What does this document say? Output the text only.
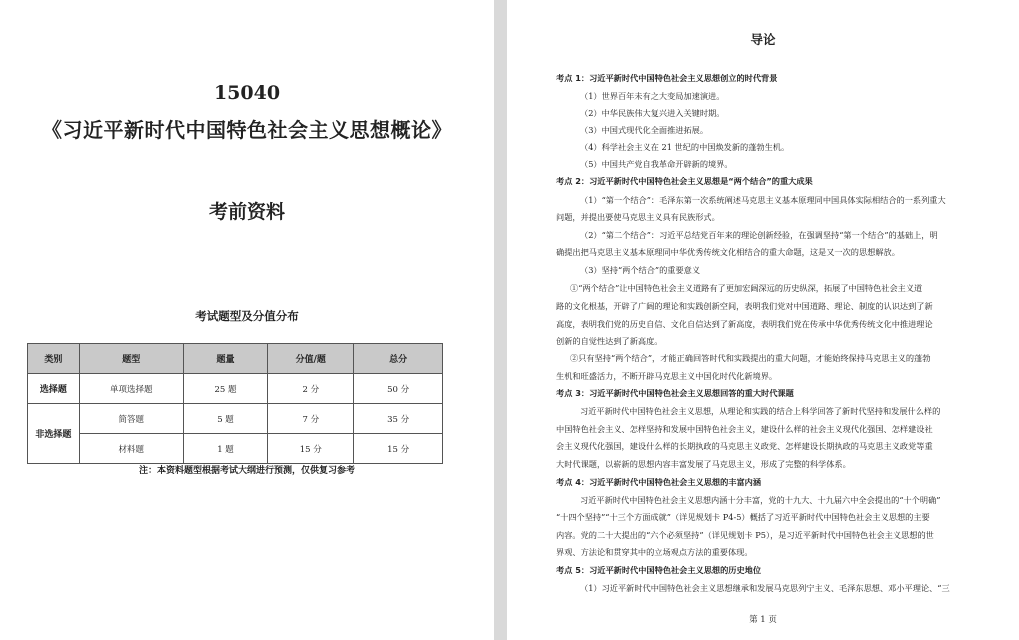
15040
《习近平新时代中国特色社会主义思想概论》
考前资料
考试题型及分值分布
类别	题型	题量	分值/题	总分
选择题	单项选择题	25 题	2 分	50 分
非选择题	简答题	5 题	7 分	35 分
	材料题	1 题	15 分	15 分
注：本资料题型根据考试大纲进行预测，仅供复习参考
导论
考点 1：习近平新时代中国特色社会主义思想创立的时代背景
（1）世界百年未有之大变局加速演进。
（2）中华民族伟大复兴进入关键时期。
（3）中国式现代化全面推进拓展。
（4）科学社会主义在 21 世纪的中国焕发新的蓬勃生机。
（5）中国共产党自我革命开辟新的境界。
考点 2：习近平新时代中国特色社会主义思想是“两个结合”的重大成果
（1）“第一个结合”：毛泽东第一次系统阐述马克思主义基本原理同中国具体实际相结合的一系列重大
问题，并提出要使马克思主义具有民族形式。
（2）“第二个结合”：习近平总结党百年来的理论创新经验，在强调坚持“第一个结合”的基础上，明
确提出把马克思主义基本原理同中华优秀传统文化相结合的重大命题，这是又一次的思想解放。
（3）坚持“两个结合”的重要意义
①“两个结合”让中国特色社会主义道路有了更加宏阔深远的历史纵深，拓展了中国特色社会主义道
路的文化根基，开辟了广阔的理论和实践创新空间，表明我们党对中国道路、理论、制度的认识达到了新
高度，表明我们党的历史自信、文化自信达到了新高度，表明我们党在传承中华优秀传统文化中推进理论
创新的自觉性达到了新高度。
②只有坚持“两个结合”，才能正确回答时代和实践提出的重大问题，才能始终保持马克思主义的蓬勃
生机和旺盛活力，不断开辟马克思主义中国化时代化新境界。
考点 3：习近平新时代中国特色社会主义思想回答的重大时代课题
习近平新时代中国特色社会主义思想，从理论和实践的结合上科学回答了新时代坚持和发展什么样的
中国特色社会主义、怎样坚持和发展中国特色社会主义，建设什么样的社会主义现代化强国、怎样建设社
会主义现代化强国，建设什么样的长期执政的马克思主义政党、怎样建设长期执政的马克思主义政党等重
大时代课题，以崭新的思想内容丰富发展了马克思主义，形成了完整的科学体系。
考点 4：习近平新时代中国特色社会主义思想的丰富内涵
习近平新时代中国特色社会主义思想内涵十分丰富，党的十九大、十九届六中全会提出的“十个明确”
“十四个坚持”“十三个方面成就”（详见规划卡 P4-5）概括了习近平新时代中国特色社会主义思想的主要
内容。党的二十大提出的“六个必须坚持”（详见规划卡 P5），是习近平新时代中国特色社会主义思想的世
界观、方法论和贯穿其中的立场观点方法的重要体现。
考点 5：习近平新时代中国特色社会主义思想的历史地位
（1）习近平新时代中国特色社会主义思想继承和发展马克思列宁主义、毛泽东思想、邓小平理论、“三
第 1 页
